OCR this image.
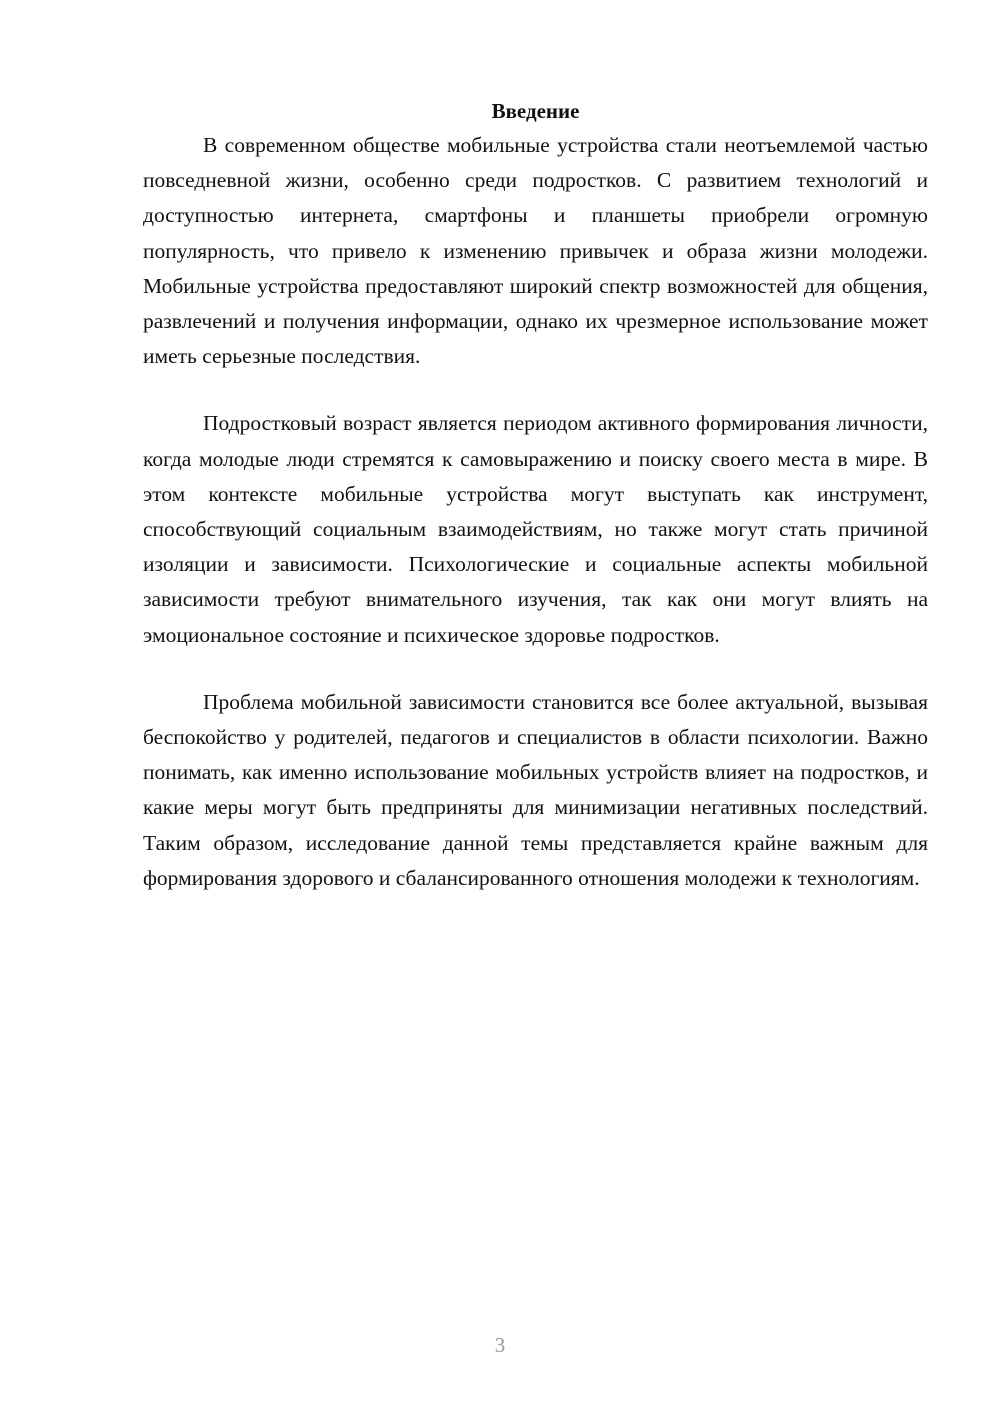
Введение

В современном обществе мобильные устройства стали неотъемлемой частью повседневной жизни, особенно среди подростков. С развитием технологий и доступностью интернета, смартфоны и планшеты приобрели огромную популярность, что привело к изменению привычек и образа жизни молодежи. Мобильные устройства предоставляют широкий спектр возможностей для общения, развлечений и получения информации, однако их чрезмерное использование может иметь серьезные последствия.

Подростковый возраст является периодом активного формирования личности, когда молодые люди стремятся к самовыражению и поиску своего места в мире. В этом контексте мобильные устройства могут выступать как инструмент, способствующий социальным взаимодействиям, но также могут стать причиной изоляции и зависимости. Психологические и социальные аспекты мобильной зависимости требуют внимательного изучения, так как они могут влиять на эмоциональное состояние и психическое здоровье подростков.

Проблема мобильной зависимости становится все более актуальной, вызывая беспокойство у родителей, педагогов и специалистов в области психологии. Важно понимать, как именно использование мобильных устройств влияет на подростков, и какие меры могут быть предприняты для минимизации негативных последствий. Таким образом, исследование данной темы представляется крайне важным для формирования здорового и сбалансированного отношения молодежи к технологиям.

3
